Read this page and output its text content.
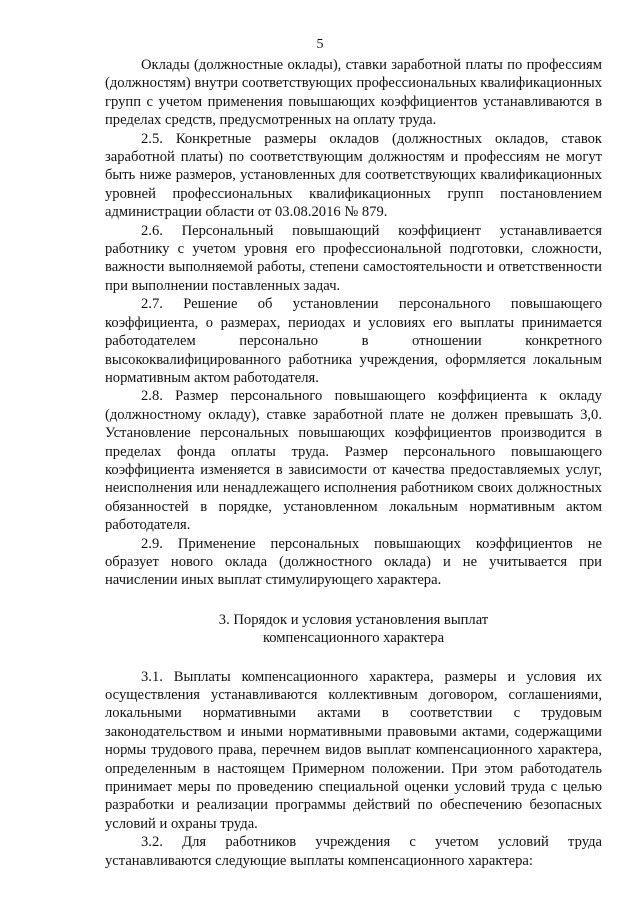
5

Оклады (должностные оклады), ставки заработной платы по профессиям (должностям) внутри соответствующих профессиональных квалификационных групп с учетом применения повышающих коэффициентов устанавливаются в пределах средств, предусмотренных на оплату труда.

2.5. Конкретные размеры окладов (должностных окладов, ставок заработной платы) по соответствующим должностям и профессиям не могут быть ниже размеров, установленных для соответствующих квалификационных уровней профессиональных квалификационных групп постановлением администрации области от 03.08.2016 № 879.

2.6. Персональный повышающий коэффициент устанавливается работнику с учетом уровня его профессиональной подготовки, сложности, важности выполняемой работы, степени самостоятельности и ответственности при выполнении поставленных задач.

2.7. Решение об установлении персонального повышающего коэффициента, о размерах, периодах и условиях его выплаты принимается работодателем персонально в отношении конкретного высококвалифицированного работника учреждения, оформляется локальным нормативным актом работодателя.

2.8. Размер персонального повышающего коэффициента к окладу (должностному окладу), ставке заработной плате не должен превышать 3,0. Установление персональных повышающих коэффициентов производится в пределах фонда оплаты труда. Размер персонального повышающего коэффициента изменяется в зависимости от качества предоставляемых услуг, неисполнения или ненадлежащего исполнения работником своих должностных обязанностей в порядке, установленном локальным нормативным актом работодателя.

2.9. Применение персональных повышающих коэффициентов не образует нового оклада (должностного оклада) и не учитывается при начислении иных выплат стимулирующего характера.

3. Порядок и условия установления выплат

компенсационного характера

3.1. Выплаты компенсационного характера, размеры и условия их осуществления устанавливаются коллективным договором, соглашениями, локальными нормативными актами в соответствии с трудовым законодательством и иными нормативными правовыми актами, содержащими нормы трудового права, перечнем видов выплат компенсационного характера, определенным в настоящем Примерном положении. При этом работодатель принимает меры по проведению специальной оценки условий труда с целью разработки и реализации программы действий по обеспечению безопасных условий и охраны труда.

3.2. Для работников учреждения с учетом условий труда устанавливаются следующие выплаты компенсационного характера:
